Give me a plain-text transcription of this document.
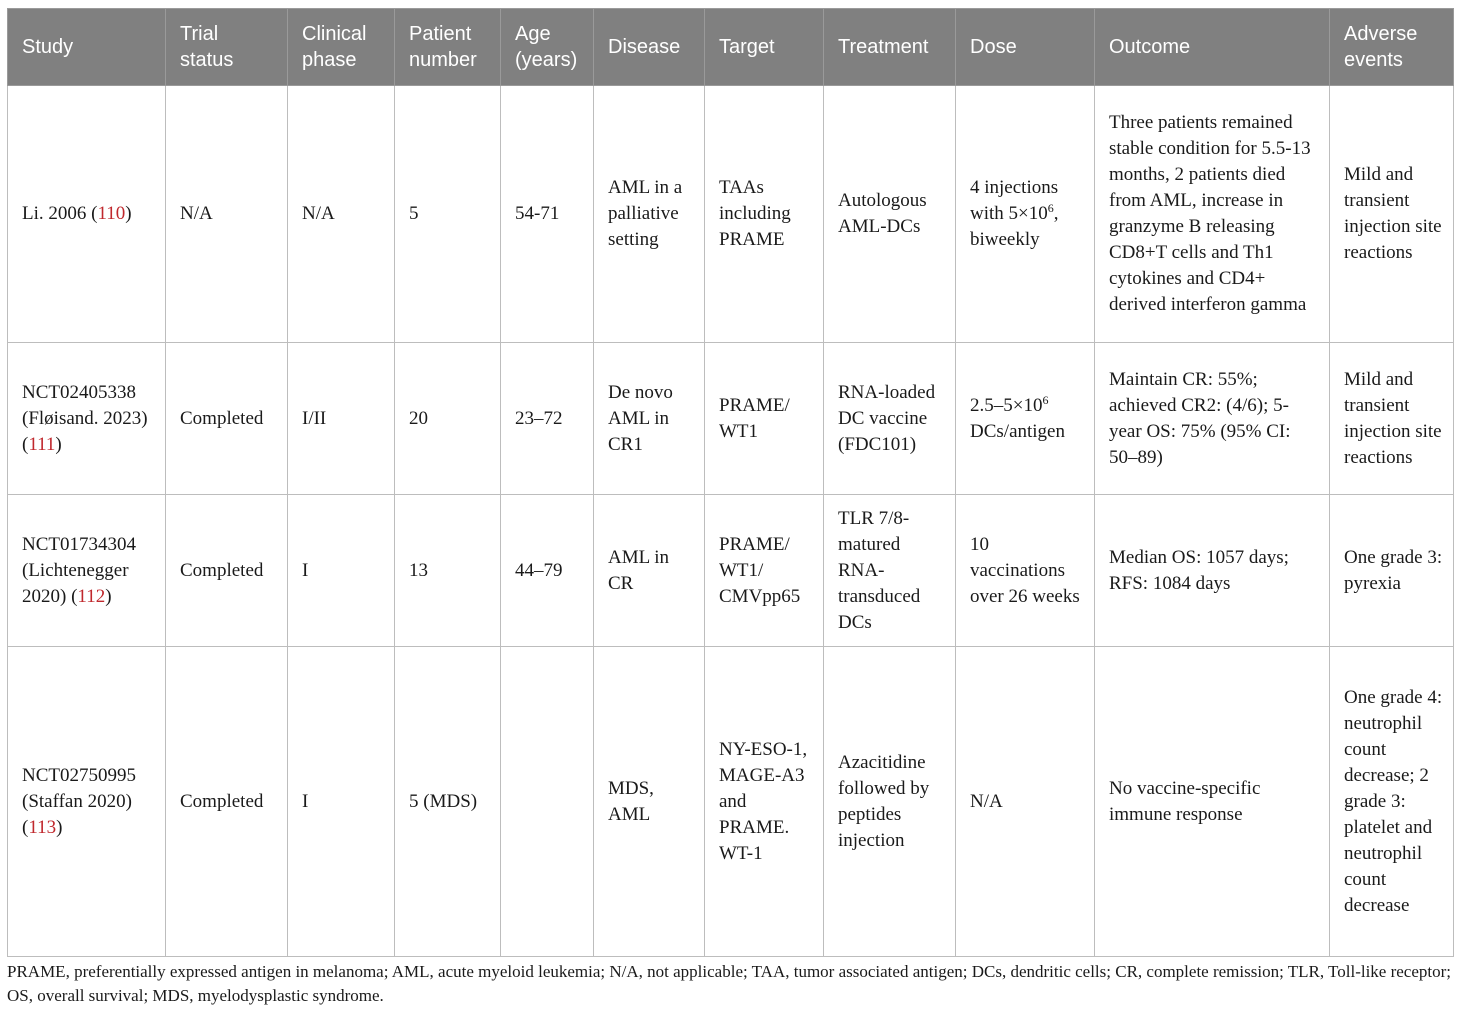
Study	Trial status	Clinical phase	Patient number	Age (years)	Disease	Target	Treatment	Dose	Outcome	Adverse events
Li. 2006 (110)	N/A	N/A	5	54-71	AML in a palliative setting	TAAs including PRAME	Autologous AML-DCs	4 injections with $5\times 10^6$, biweekly	Three patients remained stable condition for 5.5-13 months, 2 patients died from AML, increase in granzyme B releasing CD8+T cells and Th1 cytokines and CD4+ derived interferon gamma	Mild and transient injection site reactions
NCT02405338 (Fløisand. 2023) (111)	Completed	I/II	20	23–72	De novo AML in CR1	PRAME/ WT1	RNA-loaded DC vaccine (FDC101)	$2.5-5\times 10^6$ DCs/antigen	Maintain CR: 55%; achieved CR2: (4/6); 5-year OS: 75% (95% CI: 50–89)	Mild and transient injection site reactions
NCT01734304 (Lichtenegger 2020) (112)	Completed	I	13	44–79	AML in CR	PRAME/ WT1/ CMVpp65	TLR 7/8-matured RNA-transduced DCs	10 vaccinations over 26 weeks	Median OS: 1057 days; RFS: 1084 days	One grade 3: pyrexia
NCT02750995 (Staffan 2020) (113)	Completed	I	5 (MDS)		MDS, AML	NY-ESO-1, MAGE-A3 and PRAME. WT-1	Azacitidine followed by peptides injection	N/A	No vaccine-specific immune response	One grade 4: neutrophil count decrease; 2 grade 3: platelet and neutrophil count decrease
PRAME, preferentially expressed antigen in melanoma; AML, acute myeloid leukemia; N/A, not applicable; TAA, tumor associated antigen; DCs, dendritic cells; CR, complete remission; TLR, Toll-like receptor; OS, overall survival; MDS, myelodysplastic syndrome.
